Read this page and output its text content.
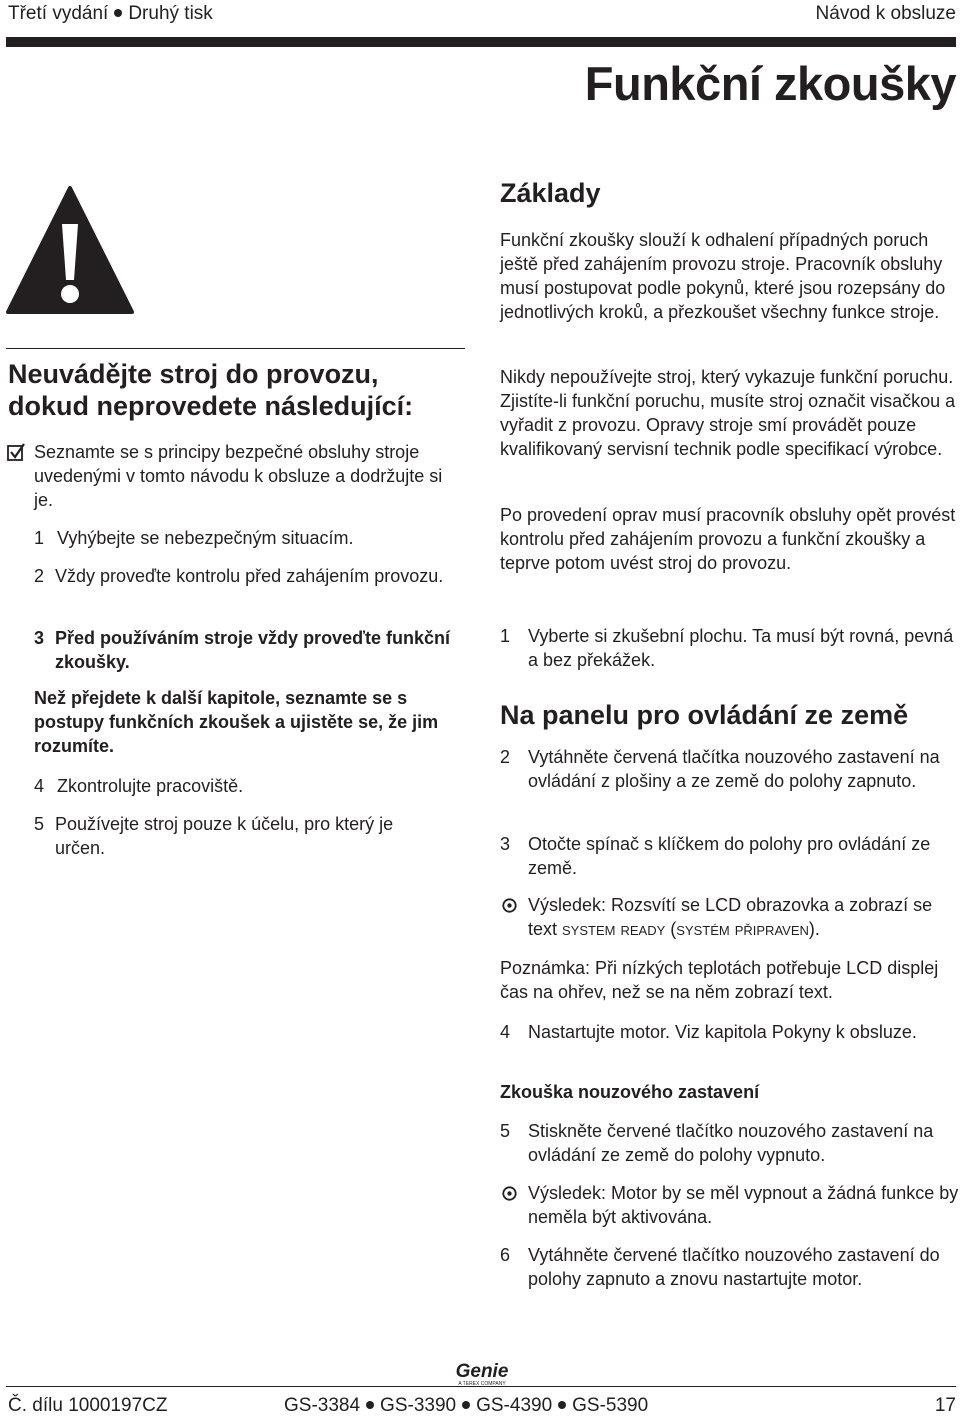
Třetí vydání Druhý tisk	Návod k obsluze
Funkční zkoušky
Neuvádějte stroj do provozu,
dokud neprovedete následující:

Seznamte se s principy bezpečné obsluhy stroje uvedenými v tomto návodu k obsluze a dodržujte si je.

1 Vyhýbejte se nebezpečným situacím.
2 Vždy proveďte kontrolu před zahájením provozu.
3 Před používáním stroje vždy proveďte funkční zkoušky.

Než přejdete k další kapitole, seznamte se s postupy funkčních zkoušek a ujistěte se, že jim rozumíte.

4 Zkontrolujte pracoviště.
5 Používejte stroj pouze k účelu, pro který je určen.
Základy

Funkční zkoušky slouží k odhalení případných poruch ještě před zahájením provozu stroje. Pracovník obsluhy musí postupovat podle pokynů, které jsou rozepsány do jednotlivých kroků, a přezkoušet všechny funkce stroje.

Nikdy nepoužívejte stroj, který vykazuje funkční poruchu. Zjistíte-li funkční poruchu, musíte stroj označit visačkou a vyřadit z provozu. Opravy stroje smí provádět pouze kvalifikovaný servisní technik podle specifikací výrobce.

Po provedení oprav musí pracovník obsluhy opět provést kontrolu před zahájením provozu a funkční zkoušky a teprve potom uvést stroj do provozu.

1 Vyberte si zkušební plochu. Ta musí být rovná, pevná a bez překážek.
Na panelu pro ovládání ze země
2 Vytáhněte červená tlačítka nouzového zastavení na ovládání z plošiny a ze země do polohy zapnuto.
3 Otočte spínač s klíčkem do polohy pro ovládání ze země.
Výsledek: Rozsvítí se LCD obrazovka a zobrazí se text system ready (systém připraven).

Poznámka: Při nízkých teplotách potřebuje LCD displej čas na ohřev, než se na něm zobrazí text.

4 Nastartujte motor. Viz kapitola Pokyny k obsluze.
Zkouška nouzového zastavení
5 Stiskněte červené tlačítko nouzového zastavení na ovládání ze země do polohy vypnuto.
Výsledek: Motor by se měl vypnout a žádná funkce by neměla být aktivována.
6 Vytáhněte červené tlačítko nouzového zastavení do polohy zapnuto a znovu nastartujte motor.
Genie
A TEREX COMPANY
Č. dílu 1000197CZ	GS-3384 GS-3390 GS-4390 GS-5390	17
